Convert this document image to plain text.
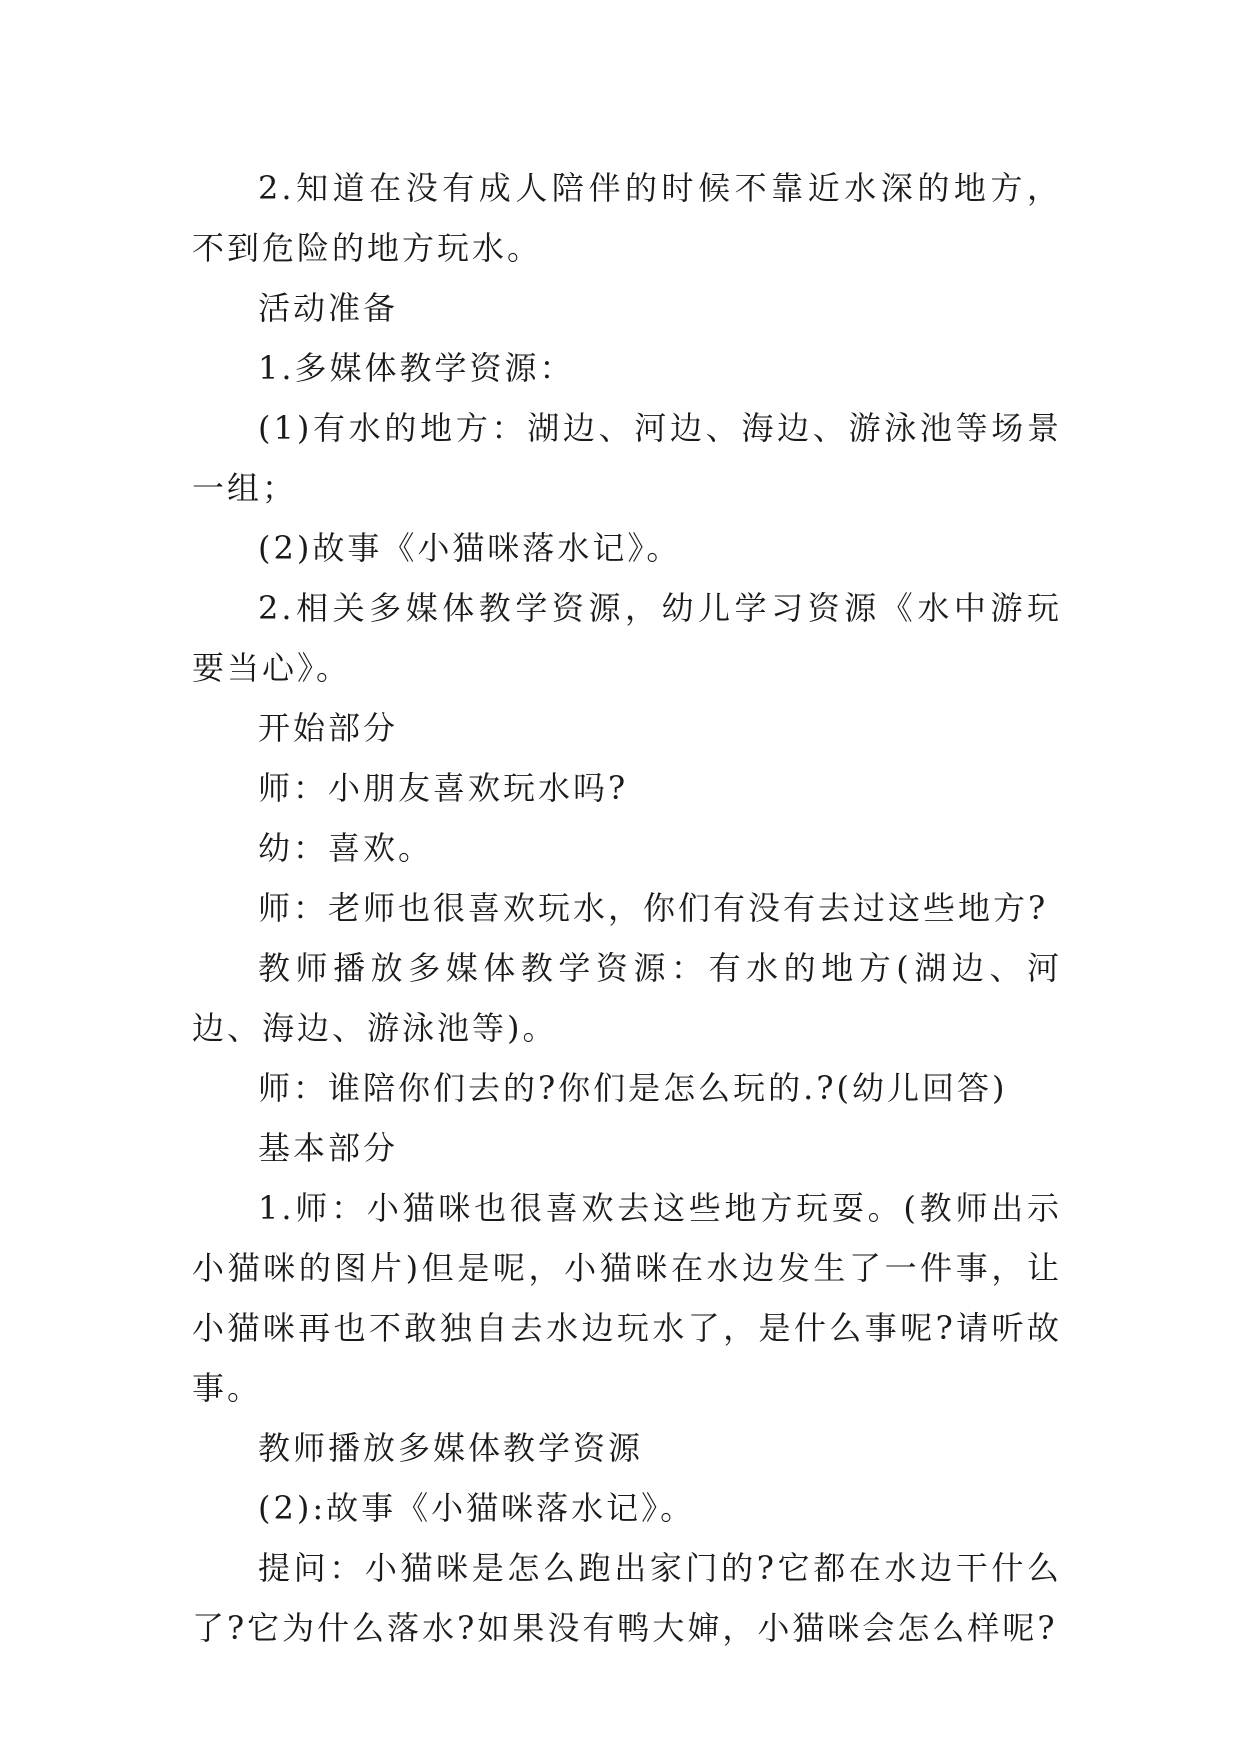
2.知道在没有成人陪伴的时候不靠近水深的地方，不到危险的地方玩水。

活动准备

1.多媒体教学资源：

(1)有水的地方：湖边、河边、海边、游泳池等场景一组；

(2)故事《小猫咪落水记》。

2.相关多媒体教学资源，幼儿学习资源《水中游玩要当心》。

开始部分

师：小朋友喜欢玩水吗?

幼：喜欢。

师：老师也很喜欢玩水，你们有没有去过这些地方?

教师播放多媒体教学资源：有水的地方(湖边、河边、海边、游泳池等)。

师：谁陪你们去的?你们是怎么玩的.?(幼儿回答)

基本部分

1.师：小猫咪也很喜欢去这些地方玩耍。(教师出示小猫咪的图片)但是呢，小猫咪在水边发生了一件事，让小猫咪再也不敢独自去水边玩水了，是什么事呢?请听故事。

教师播放多媒体教学资源

(2):故事《小猫咪落水记》。

提问：小猫咪是怎么跑出家门的?它都在水边干什么了?它为什么落水?如果没有鸭大婶，小猫咪会怎么样呢?
